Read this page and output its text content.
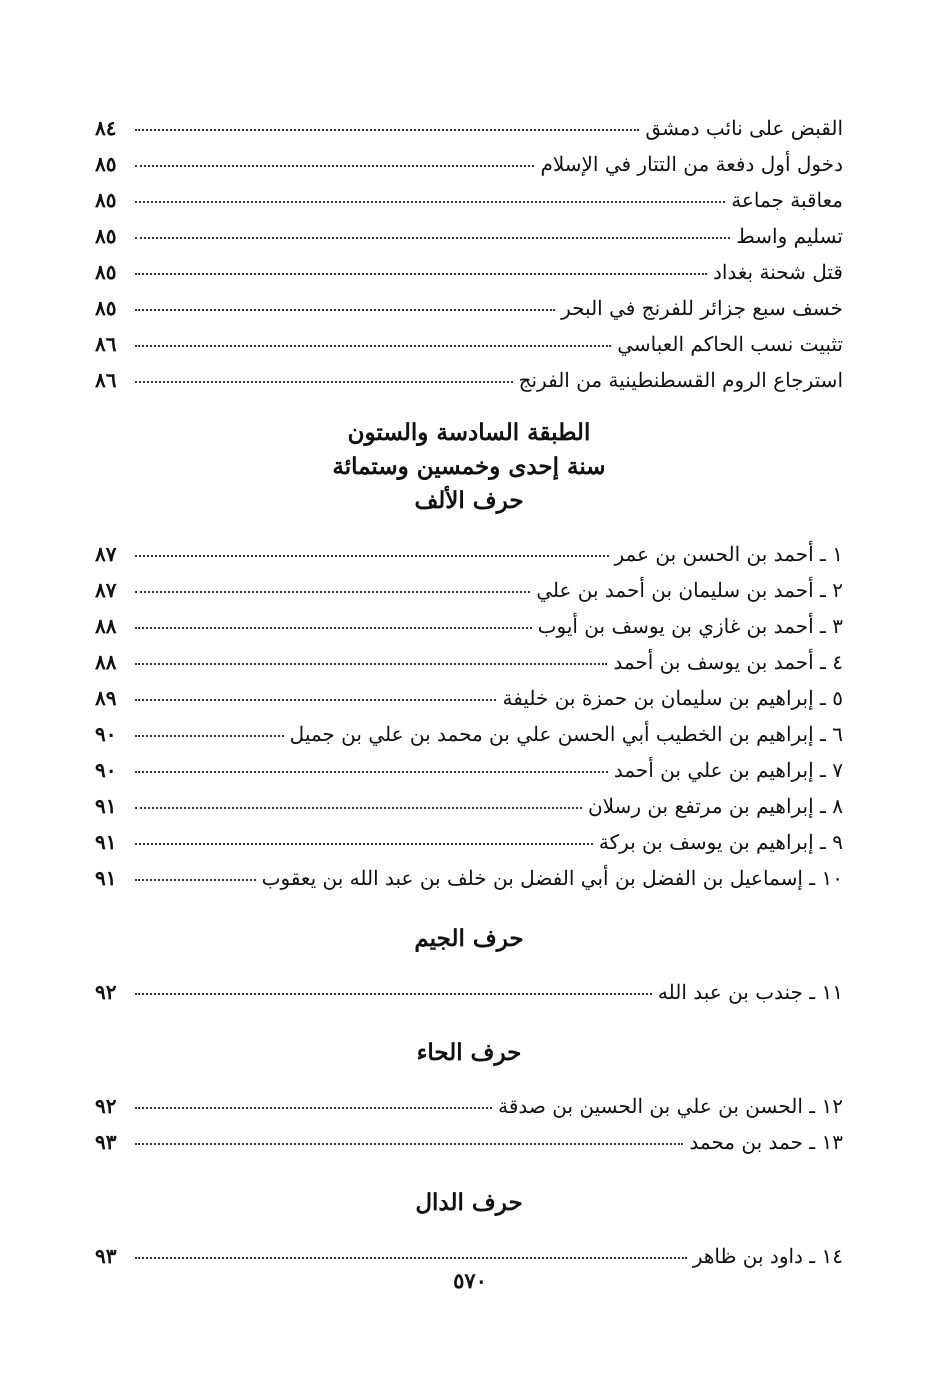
القبض على نائب دمشق
٨٤
دخول أول دفعة من التتار في الإسلام
٨٥
معاقبة جماعة
٨٥
تسليم واسط
٨٥
قتل شحنة بغداد
٨٥
خسف سبع جزائر للفرنج في البحر
٨٥
تثبيت نسب الحاكم العباسي
٨٦
استرجاع الروم القسطنطينية من الفرنج
٨٦
الطبقة السادسة والستون
سنة إحدى وخمسين وستمائة
حرف الألف
١ ـ أحمد بن الحسن بن عمر
٨٧
٢ ـ أحمد بن سليمان بن أحمد بن علي
٨٧
٣ ـ أحمد بن غازي بن يوسف بن أيوب
٨٨
٤ ـ أحمد بن يوسف بن أحمد
٨٨
٥ ـ إبراهيم بن سليمان بن حمزة بن خليفة
٨٩
٦ ـ إبراهيم بن الخطيب أبي الحسن علي بن محمد بن علي بن جميل
٩٠
٧ ـ إبراهيم بن علي بن أحمد
٩٠
٨ ـ إبراهيم بن مرتفع بن رسلان
٩١
٩ ـ إبراهيم بن يوسف بن بركة
٩١
١٠ ـ إسماعيل بن الفضل بن أبي الفضل بن خلف بن عبد الله بن يعقوب
٩١
حرف الجيم
١١ ـ جندب بن عبد الله
٩٢
حرف الحاء
١٢ ـ الحسن بن علي بن الحسين بن صدقة
٩٢
١٣ ـ حمد بن محمد
٩٣
حرف الدال
١٤ ـ داود بن ظاهر
٩٣
٥٧٠
